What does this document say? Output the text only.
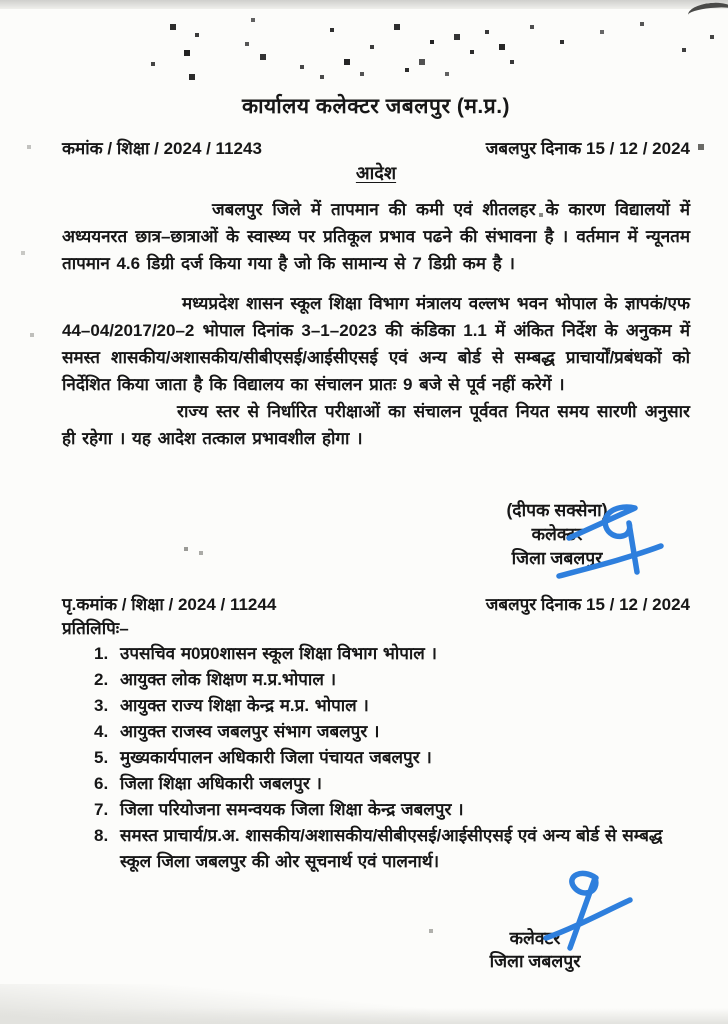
कार्यालय कलेक्टर जबलपुर (म.प्र.)
कमांक / शिक्षा / 2024 / 11243	जबलपुर दिनाक 15 / 12 / 2024
आदेश

जबलपुर जिले में तापमान की कमी एवं शीतलहर के कारण विद्यालयों में अध्ययनरत छात्र–छात्राओं के स्वास्थ्य पर प्रतिकूल प्रभाव पढने की संभावना है । वर्तमान में न्यूनतम तापमान 4.6 डिग्री दर्ज किया गया है जो कि सामान्य से 7 डिग्री कम है ।

मध्यप्रदेश शासन स्कूल शिक्षा विभाग मंत्रालय वल्लभ भवन भोपाल के ज्ञापकं/एफ 44–04/2017/20–2 भोपाल दिनांक 3–1–2023 की कंडिका 1.1 में अंकित निर्देश के अनुकम में समस्त शासकीय/अशासकीय/सीबीएसई/आईसीएसई एवं अन्य बोर्ड से सम्बद्ध प्राचार्यों/प्रबंधकों को निर्देशित किया जाता है कि विद्यालय का संचालन प्रातः 9 बजे से पूर्व नहीं करेगें ।

राज्य स्तर से निर्धारित परीक्षाओं का संचालन पूर्ववत नियत समय सारणी अनुसार ही रहेगा । यह आदेश तत्काल प्रभावशील होगा ।

(दीपक सक्सेना)
कलेक्टर
जिला जबलपुर
पृ.कमांक / शिक्षा / 2024 / 11244	जबलपुर दिनाक 15 / 12 / 2024
प्रतिलिपिः–
1. उपसचिव म0प्र0शासन स्कूल शिक्षा विभाग भोपाल ।
2. आयुक्त लोक शिक्षण म.प्र.भोपाल ।
3. आयुक्त राज्य शिक्षा केन्द्र म.प्र. भोपाल ।
4. आयुक्त राजस्व जबलपुर संभाग जबलपुर ।
5. मुख्यकार्यपालन अधिकारी जिला पंचायत जबलपुर ।
6. जिला शिक्षा अधिकारी जबलपुर ।
7. जिला परियोजना समन्वयक जिला शिक्षा केन्द्र जबलपुर ।
8. समस्त प्राचार्य/प्र.अ. शासकीय/अशासकीय/सीबीएसई/आईसीएसई एवं अन्य बोर्ड से सम्बद्ध स्कूल जिला जबलपुर की ओर सूचनार्थ एवं पालनार्थ।
कलेक्टर
जिला जबलपुर
